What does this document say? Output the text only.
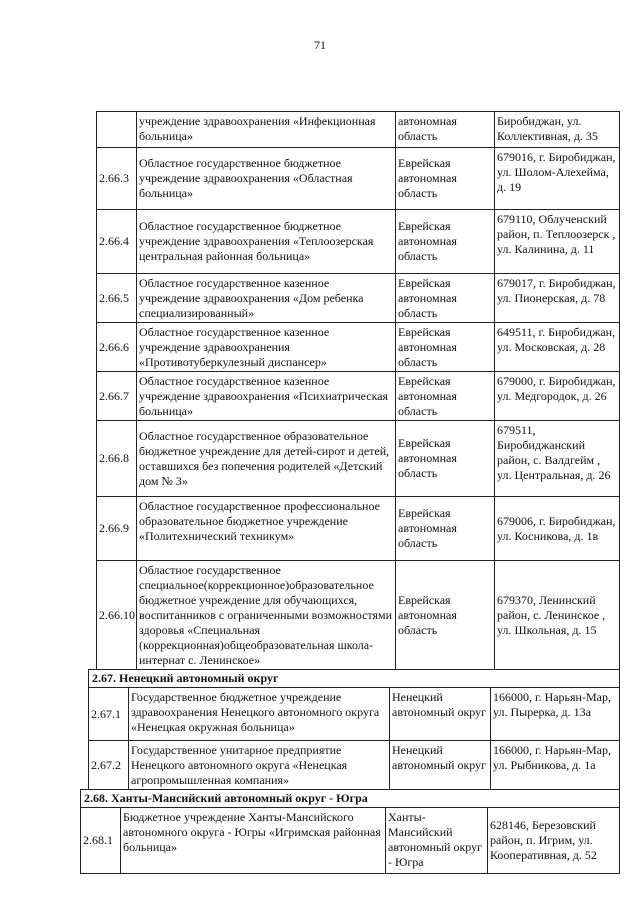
71
учреждение здравоохранения «Инфекционная больница»
автономная область
Биробиджан, ул. Коллективная, д. 35
2.66.3
Областное государственное бюджетное учреждение здравоохранения «Областная больница»
Еврейская автономная область
679016, г. Биробиджан, ул. Шолом-Алехейма, д. 19
2.66.4
Областное государственное бюджетное учреждение здравоохранения «Теплоозерская центральная районная больница»
Еврейская автономная область
679110, Облученский район, п. Теплоозерск , ул. Калинина, д. 11
2.66.5
Областное государственное казенное учреждение здравоохранения «Дом ребенка специализированный»
Еврейская автономная область
679017, г. Биробиджан, ул. Пионерская, д. 78
2.66.6
Областное государственное казенное учреждение здравоохранения «Противотуберкулезный диспансер»
Еврейская автономная область
649511, г. Биробиджан, ул. Московская, д. 28
2.66.7
Областное государственное казенное учреждение здравоохранения «Психиатрическая больница»
Еврейская автономная область
679000, г. Биробиджан, ул. Медгородок, д. 26
2.66.8
Областное государственное образовательное бюджетное учреждение для детей-сирот и детей, оставшихся без попечения родителей «Детский дом № 3»
Еврейская автономная область
679511, Биробиджанский район, с. Валдгейм , ул. Центральная, д. 26
2.66.9
Областное государственное профессиональное образовательное бюджетное учреждение «Политехнический техникум»
Еврейская автономная область
679006, г. Биробиджан, ул. Косникова, д. 1в
2.66.10
Областное государственное специальное(коррекционное)образовательное бюджетное учреждение для обучающихся, воспитанников с ограниченными возможностями здоровья «Специальная (коррекционная)общеобразовательная школа-интернат с. Ленинское»
Еврейская автономная область
679370, Ленинский район, с. Ленинское , ул. Школьная, д. 15
2.67. Ненецкий автономный округ
2.67.1
Государственное бюджетное учреждение здравоохранения Ненецкого автономного округа «Ненецкая окружная больница»
Ненецкий автономный округ
166000, г. Нарьян-Мар, ул. Пырерка, д. 13а
2.67.2
Государственное унитарное предприятие Ненецкого автономного округа «Ненецкая агропромышленная компания»
Ненецкий автономный округ
166000, г. Нарьян-Мар, ул. Рыбникова, д. 1а
2.68. Ханты-Мансийский автономный округ - Югра
2.68.1
Бюджетное учреждение Ханты-Мансийского автономного округа - Югры «Игримская районная больница»
Ханты-Мансийский автономный округ - Югра
628146, Березовский район, п. Игрим, ул. Кооперативная, д. 52
